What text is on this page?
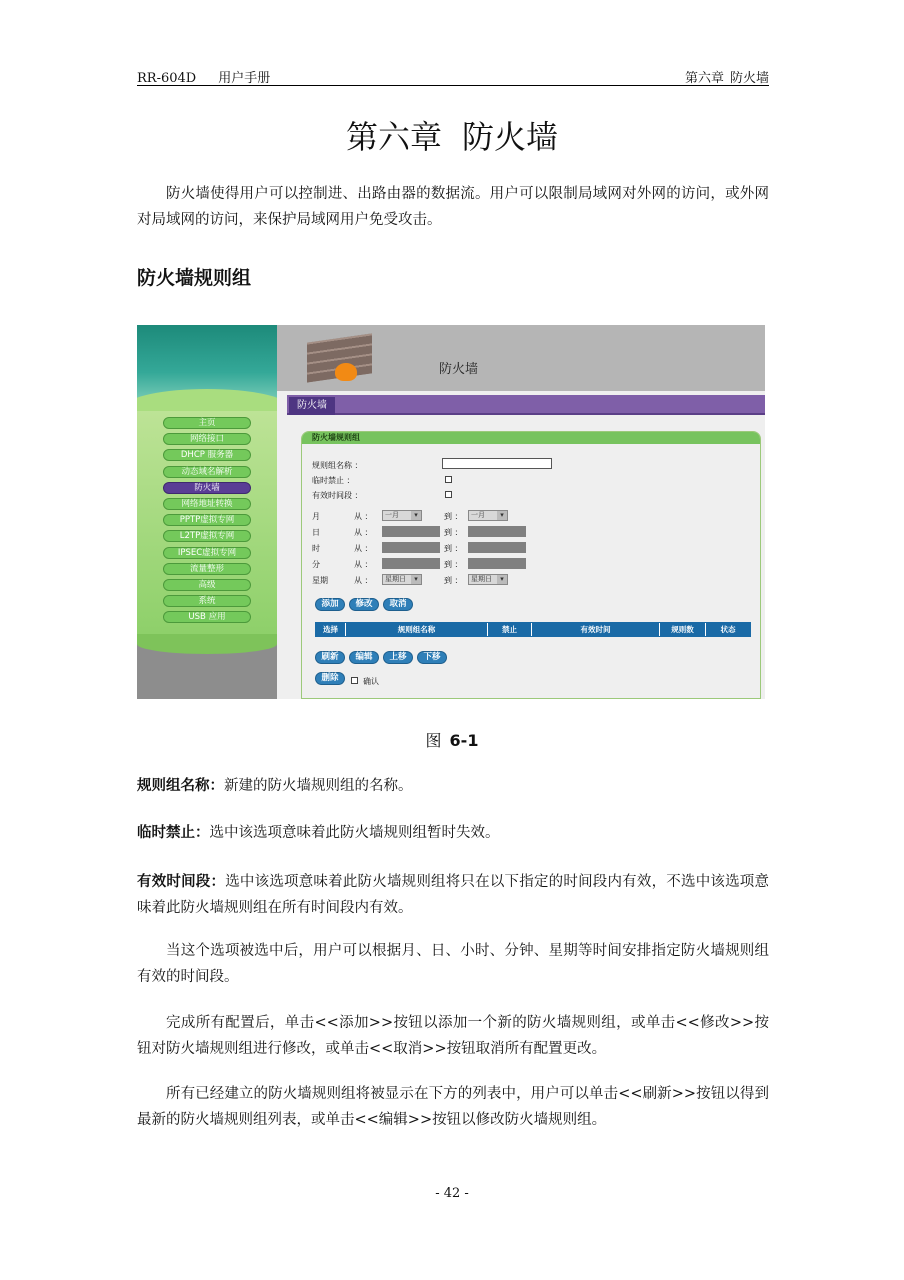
RR-604D 用户手册	第六章 防火墙
第六章 防火墙

防火墙使得用户可以控制进、出路由器的数据流。用户可以限制局域网对外网的访问，或外网对局域网的访问，来保护局域网用户免受攻击。

防火墙规则组
主页
网络接口
DHCP 服务器
动态域名解析
防火墙
网络地址转换
PPTP虚拟专网
L2TP虚拟专网
IPSEC虚拟专网
流量整形
高级
系统
USB 应用
防火墙
防火墙
防火墙规则组
规则组名称 ：
临时禁止 ：
有效时间段 ：
月	从 ：	一月 ▾	到 ：	一月 ▾
日	从 ：	到 ：
时	从 ：	到 ：
分	从 ：	到 ：
星期	从 ：	星期日 ▾	到 ：	星期日 ▾
添加	修改	取消
选择	规则组名称	禁止	有效时间	规则数	状态
刷新	编辑	上移	下移
删除	确认
图 6-1

规则组名称：新建的防火墙规则组的名称。

临时禁止：选中该选项意味着此防火墙规则组暂时失效。

有效时间段：选中该选项意味着此防火墙规则组将只在以下指定的时间段内有效，不选中该选项意味着此防火墙规则组在所有时间段内有效。

当这个选项被选中后，用户可以根据月、日、小时、分钟、星期等时间安排指定防火墙规则组有效的时间段。

完成所有配置后，单击<<添加>>按钮以添加一个新的防火墙规则组，或单击<<修改>>按钮对防火墙规则组进行修改，或单击<<取消>>按钮取消所有配置更改。

所有已经建立的防火墙规则组将被显示在下方的列表中，用户可以单击<<刷新>>按钮以得到最新的防火墙规则组列表，或单击<<编辑>>按钮以修改防火墙规则组。

- 42 -
